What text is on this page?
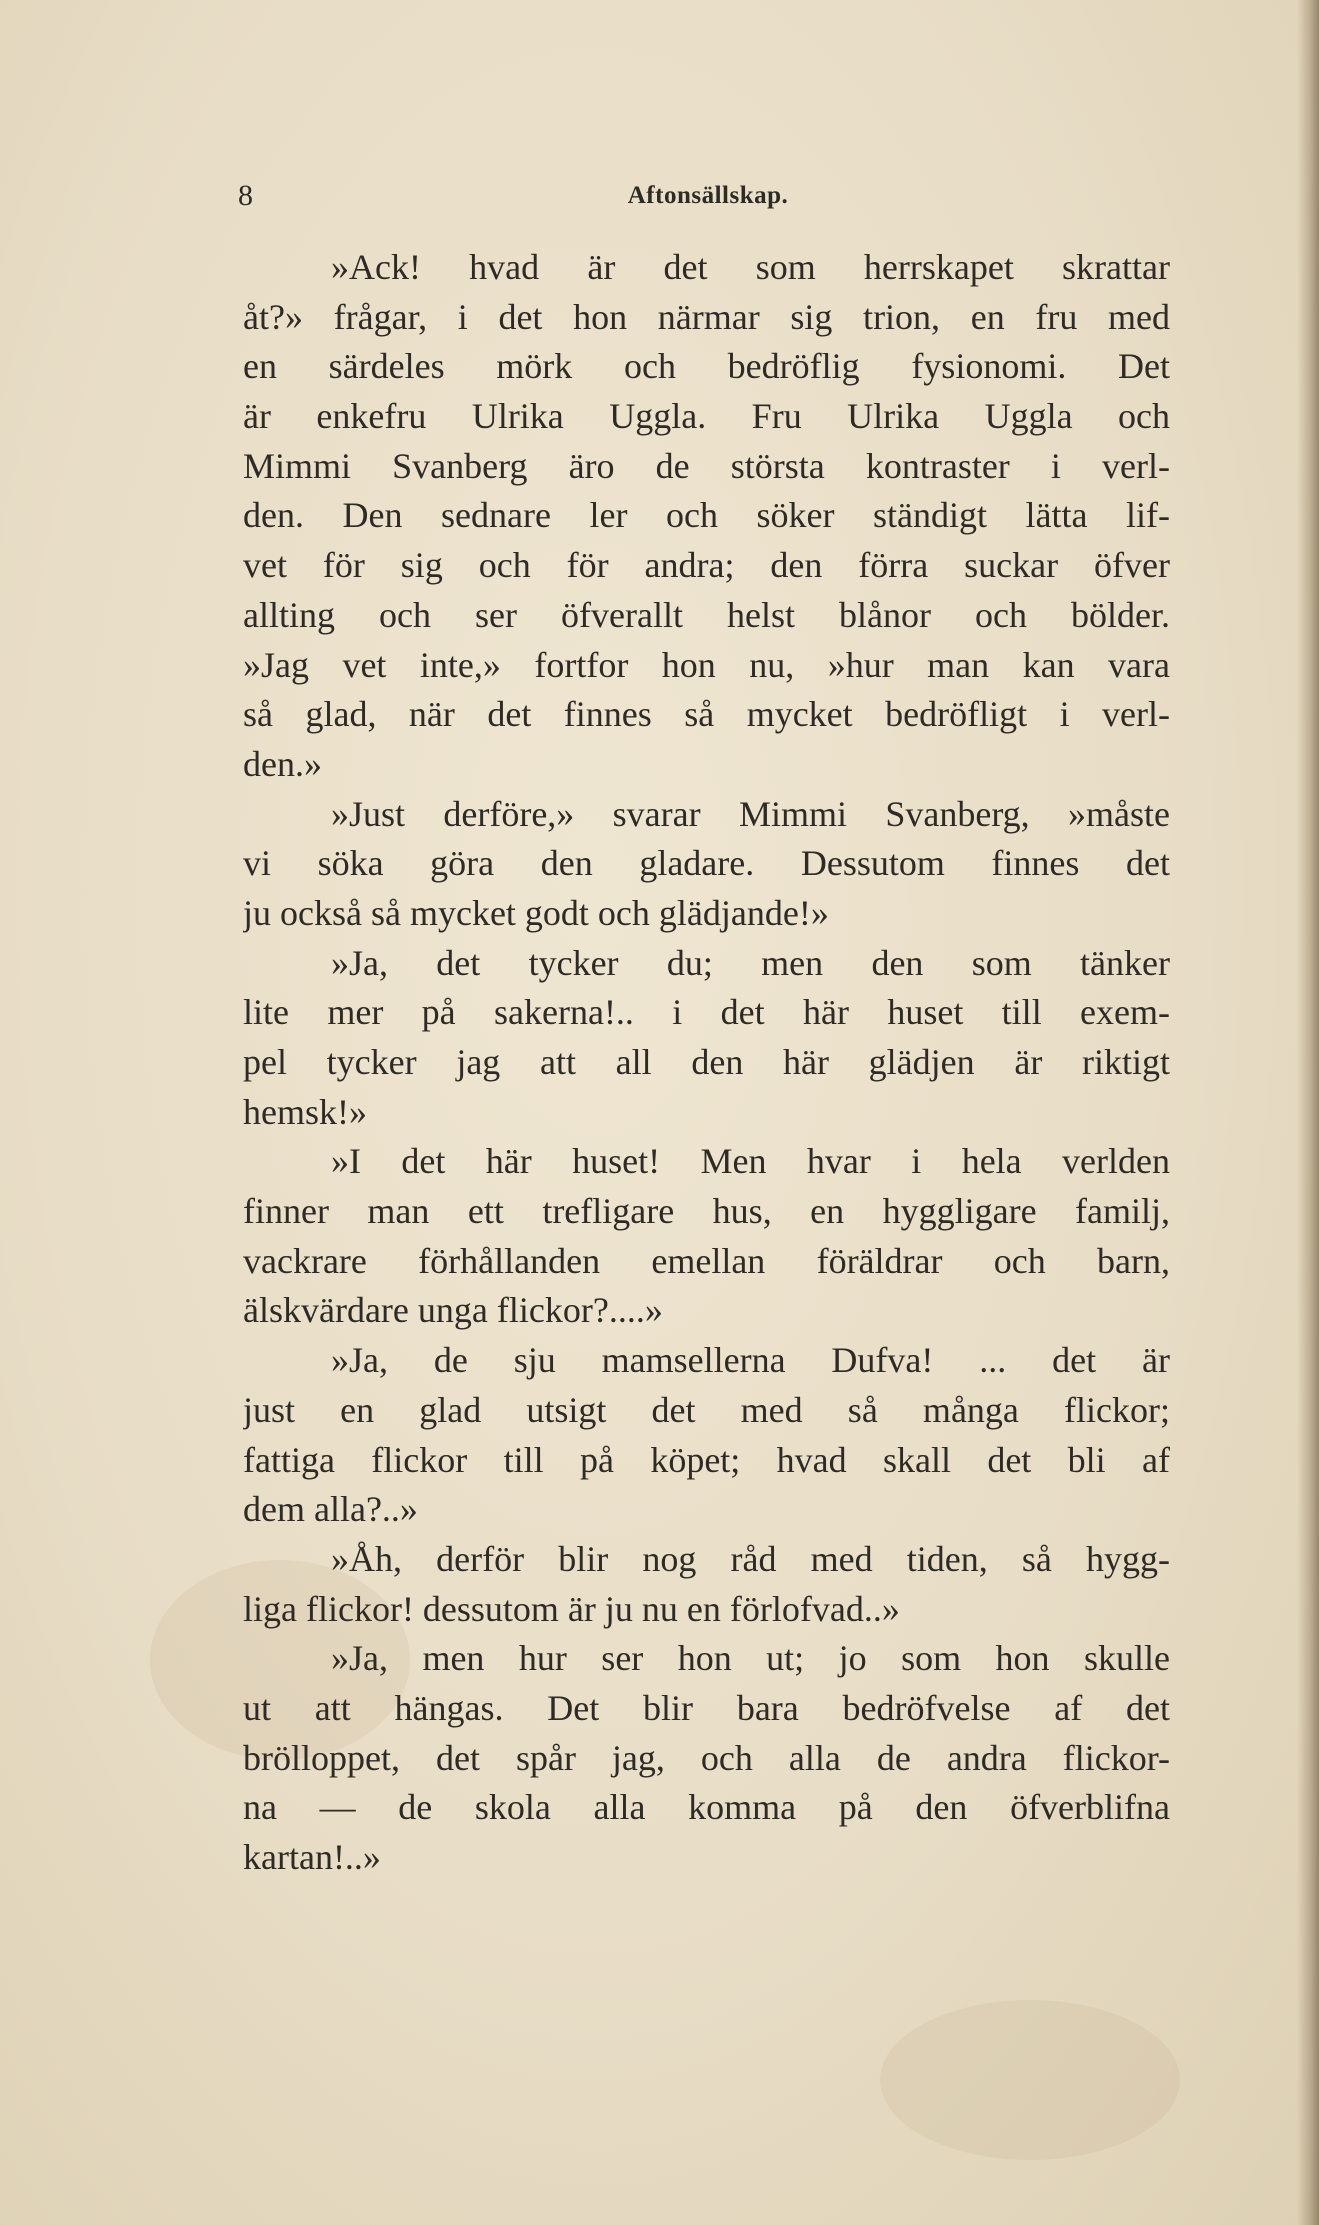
8	Aftonsällskap.
»Ack! hvad är det som herrskapet skrattar
åt?» frågar, i det hon närmar sig trion, en fru med
en särdeles mörk och bedröflig fysionomi. Det
är enkefru Ulrika Uggla. Fru Ulrika Uggla och
Mimmi Svanberg äro de största kontraster i verl-
den. Den sednare ler och söker ständigt lätta lif-
vet för sig och för andra; den förra suckar öfver
allting och ser öfverallt helst blånor och bölder.
»Jag vet inte,» fortfor hon nu, »hur man kan vara
så glad, när det finnes så mycket bedröfligt i verl-
den.»
»Just derföre,» svarar Mimmi Svanberg, »måste
vi söka göra den gladare. Dessutom finnes det
ju också så mycket godt och glädjande!»
»Ja, det tycker du; men den som tänker
lite mer på sakerna!.. i det här huset till exem-
pel tycker jag att all den här glädjen är riktigt
hemsk!»
»I det här huset! Men hvar i hela verlden
finner man ett trefligare hus, en hyggligare familj,
vackrare förhållanden emellan föräldrar och barn,
älskvärdare unga flickor?....»
»Ja, de sju mamsellerna Dufva! ... det är
just en glad utsigt det med så många flickor;
fattiga flickor till på köpet; hvad skall det bli af
dem alla?..»
»Åh, derför blir nog råd med tiden, så hygg-
liga flickor! dessutom är ju nu en förlofvad..»
»Ja, men hur ser hon ut; jo som hon skulle
ut att hängas. Det blir bara bedröfvelse af det
brölloppet, det spår jag, och alla de andra flickor-
na — de skola alla komma på den öfverblifna
kartan!..»
